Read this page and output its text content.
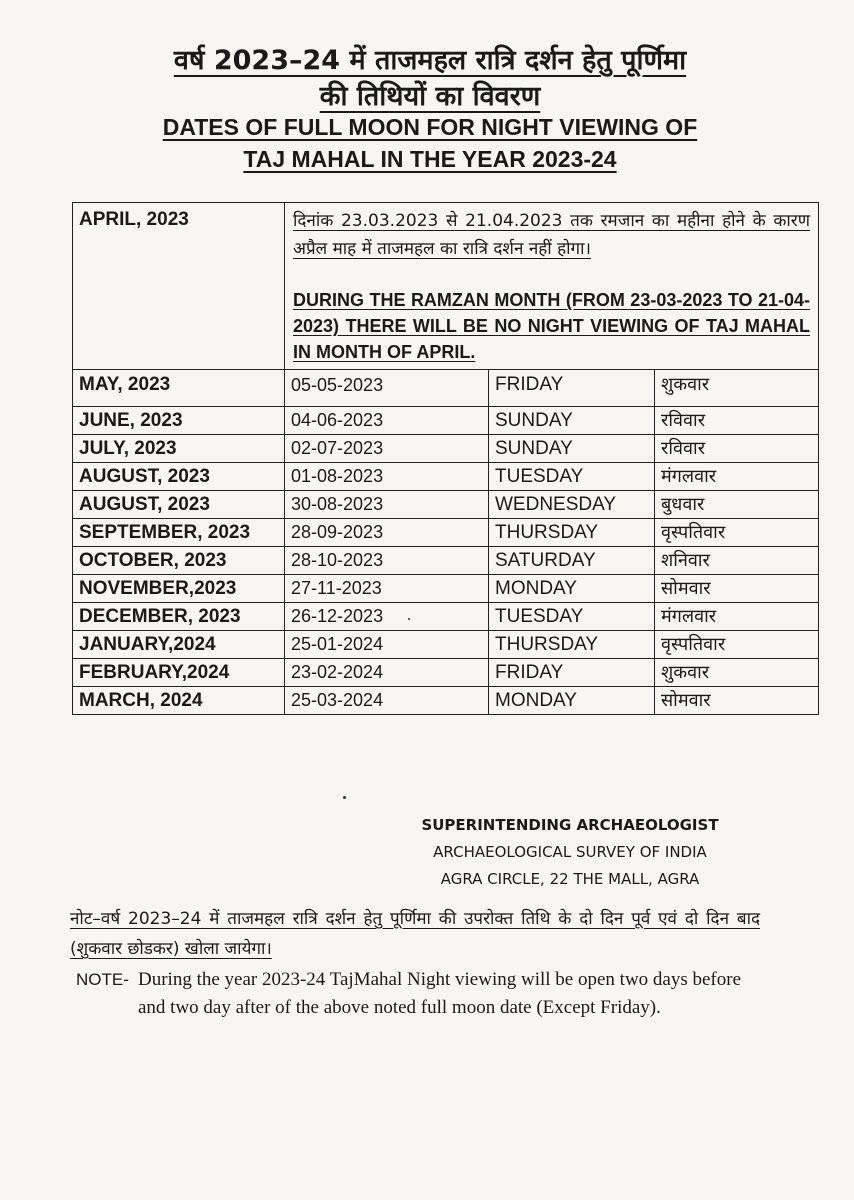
वर्ष 2023–24 में ताजमहल रात्रि दर्शन हेतु पूर्णिमा
की तिथियों का विवरण
DATES OF FULL MOON FOR NIGHT VIEWING OF
TAJ MAHAL IN THE YEAR 2023-24
APRIL, 2023	दिनांक 23.03.2023 से 21.04.2023 तक रमजान का महीना होने के कारण अप्रैल माह में ताजमहल का रात्रि दर्शन नहीं होगा।
DURING THE RAMZAN MONTH (FROM 23-03-2023 TO 21-04-2023) THERE WILL BE NO NIGHT VIEWING OF TAJ MAHAL IN MONTH OF APRIL.		

MAY, 2023	05-05-2023	FRIDAY	शुकवार
JUNE, 2023	04-06-2023	SUNDAY	रविवार
JULY, 2023	02-07-2023	SUNDAY	रविवार
AUGUST, 2023	01-08-2023	TUESDAY	मंगलवार
AUGUST, 2023	30-08-2023	WEDNESDAY	बुधवार
SEPTEMBER, 2023	28-09-2023	THURSDAY	वृस्पतिवार
OCTOBER, 2023	28-10-2023	SATURDAY	शनिवार
NOVEMBER,2023	27-11-2023	MONDAY	सोमवार
DECEMBER, 2023	26-12-2023	TUESDAY	मंगलवार
JANUARY,2024	25-01-2024	THURSDAY	वृस्पतिवार
FEBRUARY,2024	23-02-2024	FRIDAY	शुकवार
MARCH, 2024	25-03-2024	MONDAY	सोमवार
SUPERINTENDING ARCHAEOLOGIST
ARCHAEOLOGICAL SURVEY OF INDIA
AGRA CIRCLE, 22 THE MALL, AGRA
नोट–वर्ष 2023–24 में ताजमहल रात्रि दर्शन हेतु पूर्णिमा की उपरोक्त तिथि के दो दिन पूर्व एवं दो दिन बाद (शुकवार छोडकर) खोला जायेगा।
NOTE- During the year 2023-24 TajMahal Night viewing will be open two days before and two day after of the above noted full moon date (Except Friday).
